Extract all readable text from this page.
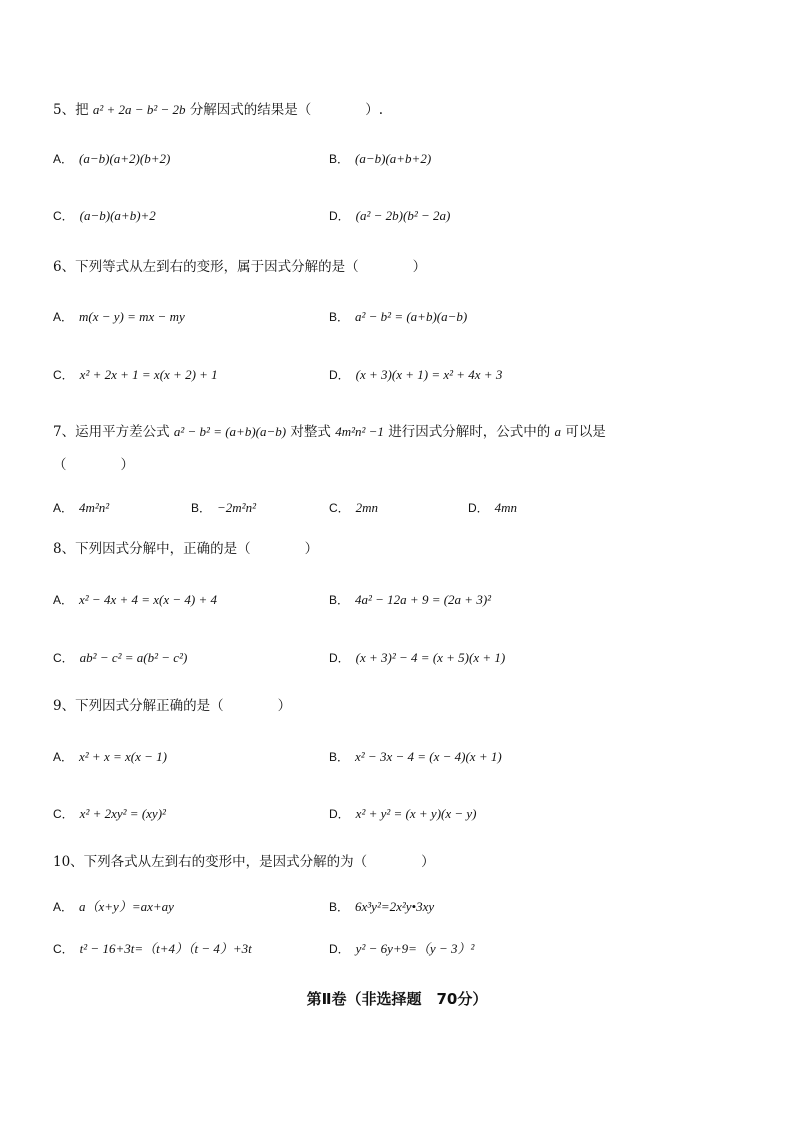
5、把 a² + 2a − b² − 2b 分解因式的结果是（　　　　）.
A． (a−b)(a+2)(b+2)	B． (a−b)(a+b+2)
C． (a−b)(a+b)+2	D． (a² − 2b)(b² − 2a)
6、下列等式从左到右的变形，属于因式分解的是（　　　　）
A． m(x − y) = mx − my	B． a² − b² = (a+b)(a−b)
C． x² + 2x + 1 = x(x + 2) + 1	D． (x + 3)(x + 1) = x² + 4x + 3
7、运用平方差公式 a² − b² = (a+b)(a−b) 对整式 4m²n² −1 进行因式分解时，公式中的 a 可以是
（　　　　）
A． 4m²n²	B． −2m²n²	C． 2mn	D． 4mn
8、下列因式分解中，正确的是（　　　　）
A． x² − 4x + 4 = x(x − 4) + 4	B． 4a² − 12a + 9 = (2a + 3)²
C． ab² − c² = a(b² − c²)	D． (x + 3)² − 4 = (x + 5)(x + 1)
9、下列因式分解正确的是（　　　　）
A． x² + x = x(x − 1)	B． x² − 3x − 4 = (x − 4)(x + 1)
C． x² + 2xy² = (xy)²	D． x² + y² = (x + y)(x − y)
10、下列各式从左到右的变形中，是因式分解的为（　　　　）
A． a（x+y）=ax+ay	B． 6x³y²=2x²y•3xy
C． t² − 16+3t=（t+4）（t − 4）+3t	D． y² − 6y+9=（y − 3）²
第Ⅱ卷（非选择题　70分）
